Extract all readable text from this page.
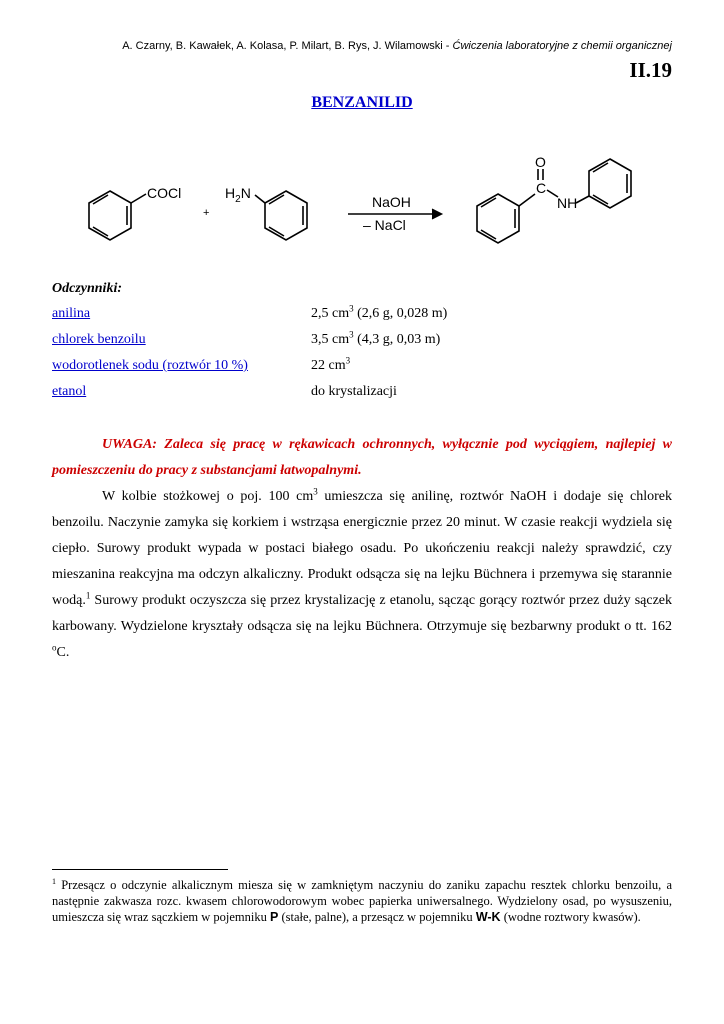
A. Czarny, B. Kawałek, A. Kolasa, P. Milart, B. Rys, J. Wilamowski - Ćwiczenia laboratoryjne z chemii organicznej
II.19
BENZANILID
COCl
+
$H_2N$
NaOH
– NaCl
O
C
NH
Odczynniki:
anilina	2,5 $cm^3$ (2,6 g, 0,028 m)
chlorek benzoilu	3,5 $cm^3$ (4,3 g, 0,03 m)
wodorotlenek sodu (roztwór 10 %)	22 $cm^3$
etanol	do krystalizacji
UWAGA: Zaleca się pracę w rękawicach ochronnych, wyłącznie pod wyciągiem, najlepiej w pomieszczeniu do pracy z substancjami łatwopalnymi.
W kolbie stożkowej o poj. 100 $cm^3$ umieszcza się anilinę, roztwór NaOH i dodaje się chlorek benzoilu. Naczynie zamyka się korkiem i wstrząsa energicznie przez 20 minut. W czasie reakcji wydziela się ciepło. Surowy produkt wypada w postaci białego osadu. Po ukończeniu reakcji należy sprawdzić, czy mieszanina reakcyjna ma odczyn alkaliczny. Produkt odsącza się na lejku Büchnera i przemywa się starannie wodą.$^1$ Surowy produkt oczyszcza się przez krystalizację z etanolu, sącząc gorący roztwór przez duży sączek karbowany. Wydzielone kryształy odsącza się na lejku Büchnera. Otrzymuje się bezbarwny produkt o tt. 162 $^o$C.
$^1$ Przesącz o odczynie alkalicznym miesza się w zamkniętym naczyniu do zaniku zapachu resztek chlorku benzoilu, a następnie zakwasza rozc. kwasem chlorowodorowym wobec papierka uniwersalnego. Wydzielony osad, po wysuszeniu, umieszcza się wraz sączkiem w pojemniku P (stałe, palne), a przesącz w pojemniku W-K (wodne roztwory kwasów).
